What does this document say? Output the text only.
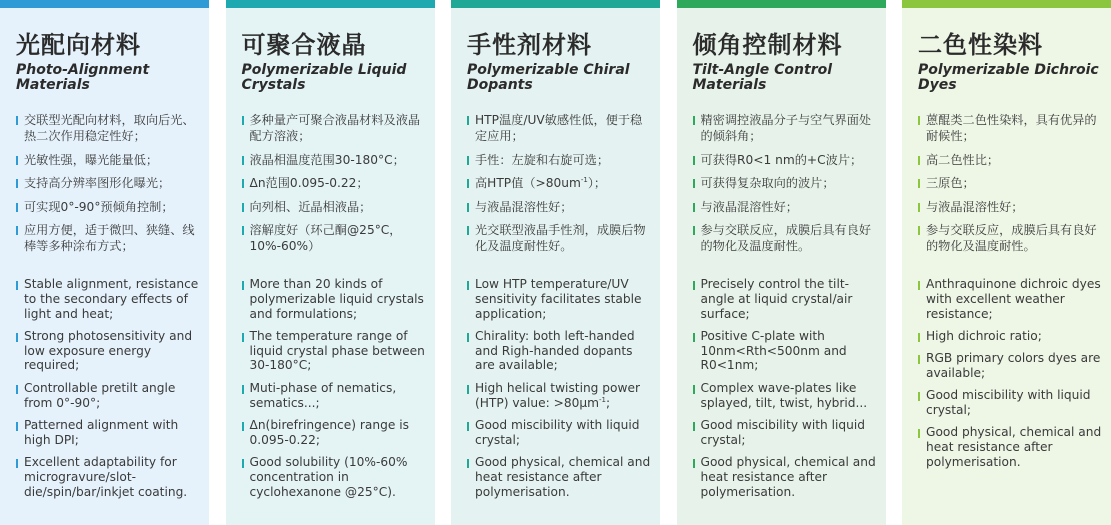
光配向材料
Photo-Alignment Materials
交联型光配向材料，取向后光、热二次作用稳定性好；
光敏性强，曝光能量低；
支持高分辨率图形化曝光；
可实现0°-90°预倾角控制；
应用方便，适于微凹、狭缝、线棒等多种涂布方式；
Stable alignment, resistance to the secondary effects of light and heat;
Strong photosensitivity and low exposure energy required;
Controllable pretilt angle from 0°-90°;
Patterned alignment with high DPI;
Excellent adaptability for microgravure/slot-die/spin/bar/inkjet coating.
可聚合液晶
Polymerizable Liquid Crystals
多种量产可聚合液晶材料及液晶配方溶液；
液晶相温度范围30-180°C；
Δn范围0.095-0.22；
向列相、近晶相液晶；
溶解度好（环己酮@25°C，10%-60%）
More than 20 kinds of polymerizable liquid crystals and formulations;
The temperature range of liquid crystal phase between 30-180°C;
Muti-phase of nematics, sematics...;
Δn(birefringence) range is 0.095-0.22;
Good solubility (10%-60% concentration in cyclohexanone @25°C).
手性剂材料
Polymerizable Chiral Dopants
HTP温度/UV敏感性低，便于稳定应用；
手性：左旋和右旋可选；
高HTP值$(>80um^{-1})$；
与液晶混溶性好；
光交联型液晶手性剂，成膜后物化及温度耐性好。
Low HTP temperature/UV sensitivity facilitates stable application;
Chirality: both left-handed and Righ-handed dopants are available;
High helical twisting power (HTP) value: $>80\mu m^{-1}$;
Good miscibility with liquid crystal;
Good physical, chemical and heat resistance after polymerisation.
倾角控制材料
Tilt-Angle Control Materials
精密调控液晶分子与空气界面处的倾斜角；
可获得R0<1 nm的+C波片；
可获得复杂取向的波片；
与液晶混溶性好；
参与交联反应，成膜后具有良好的物化及温度耐性。
Precisely control the tilt-angle at liquid crystal/air surface;
Positive C-plate with 10nm<Rth<500nm and R0<1nm;
Complex wave-plates like splayed, tilt, twist, hybrid...
Good miscibility with liquid crystal;
Good physical, chemical and heat resistance after polymerisation.
二色性染料
Polymerizable Dichroic Dyes
蒽醌类二色性染料，具有优异的耐候性；
高二色性比；
三原色；
与液晶混溶性好；
参与交联反应，成膜后具有良好的物化及温度耐性。
Anthraquinone dichroic dyes with excellent weather resistance;
High dichroic ratio;
RGB primary colors dyes are available;
Good miscibility with liquid crystal;
Good physical, chemical and heat resistance after polymerisation.
